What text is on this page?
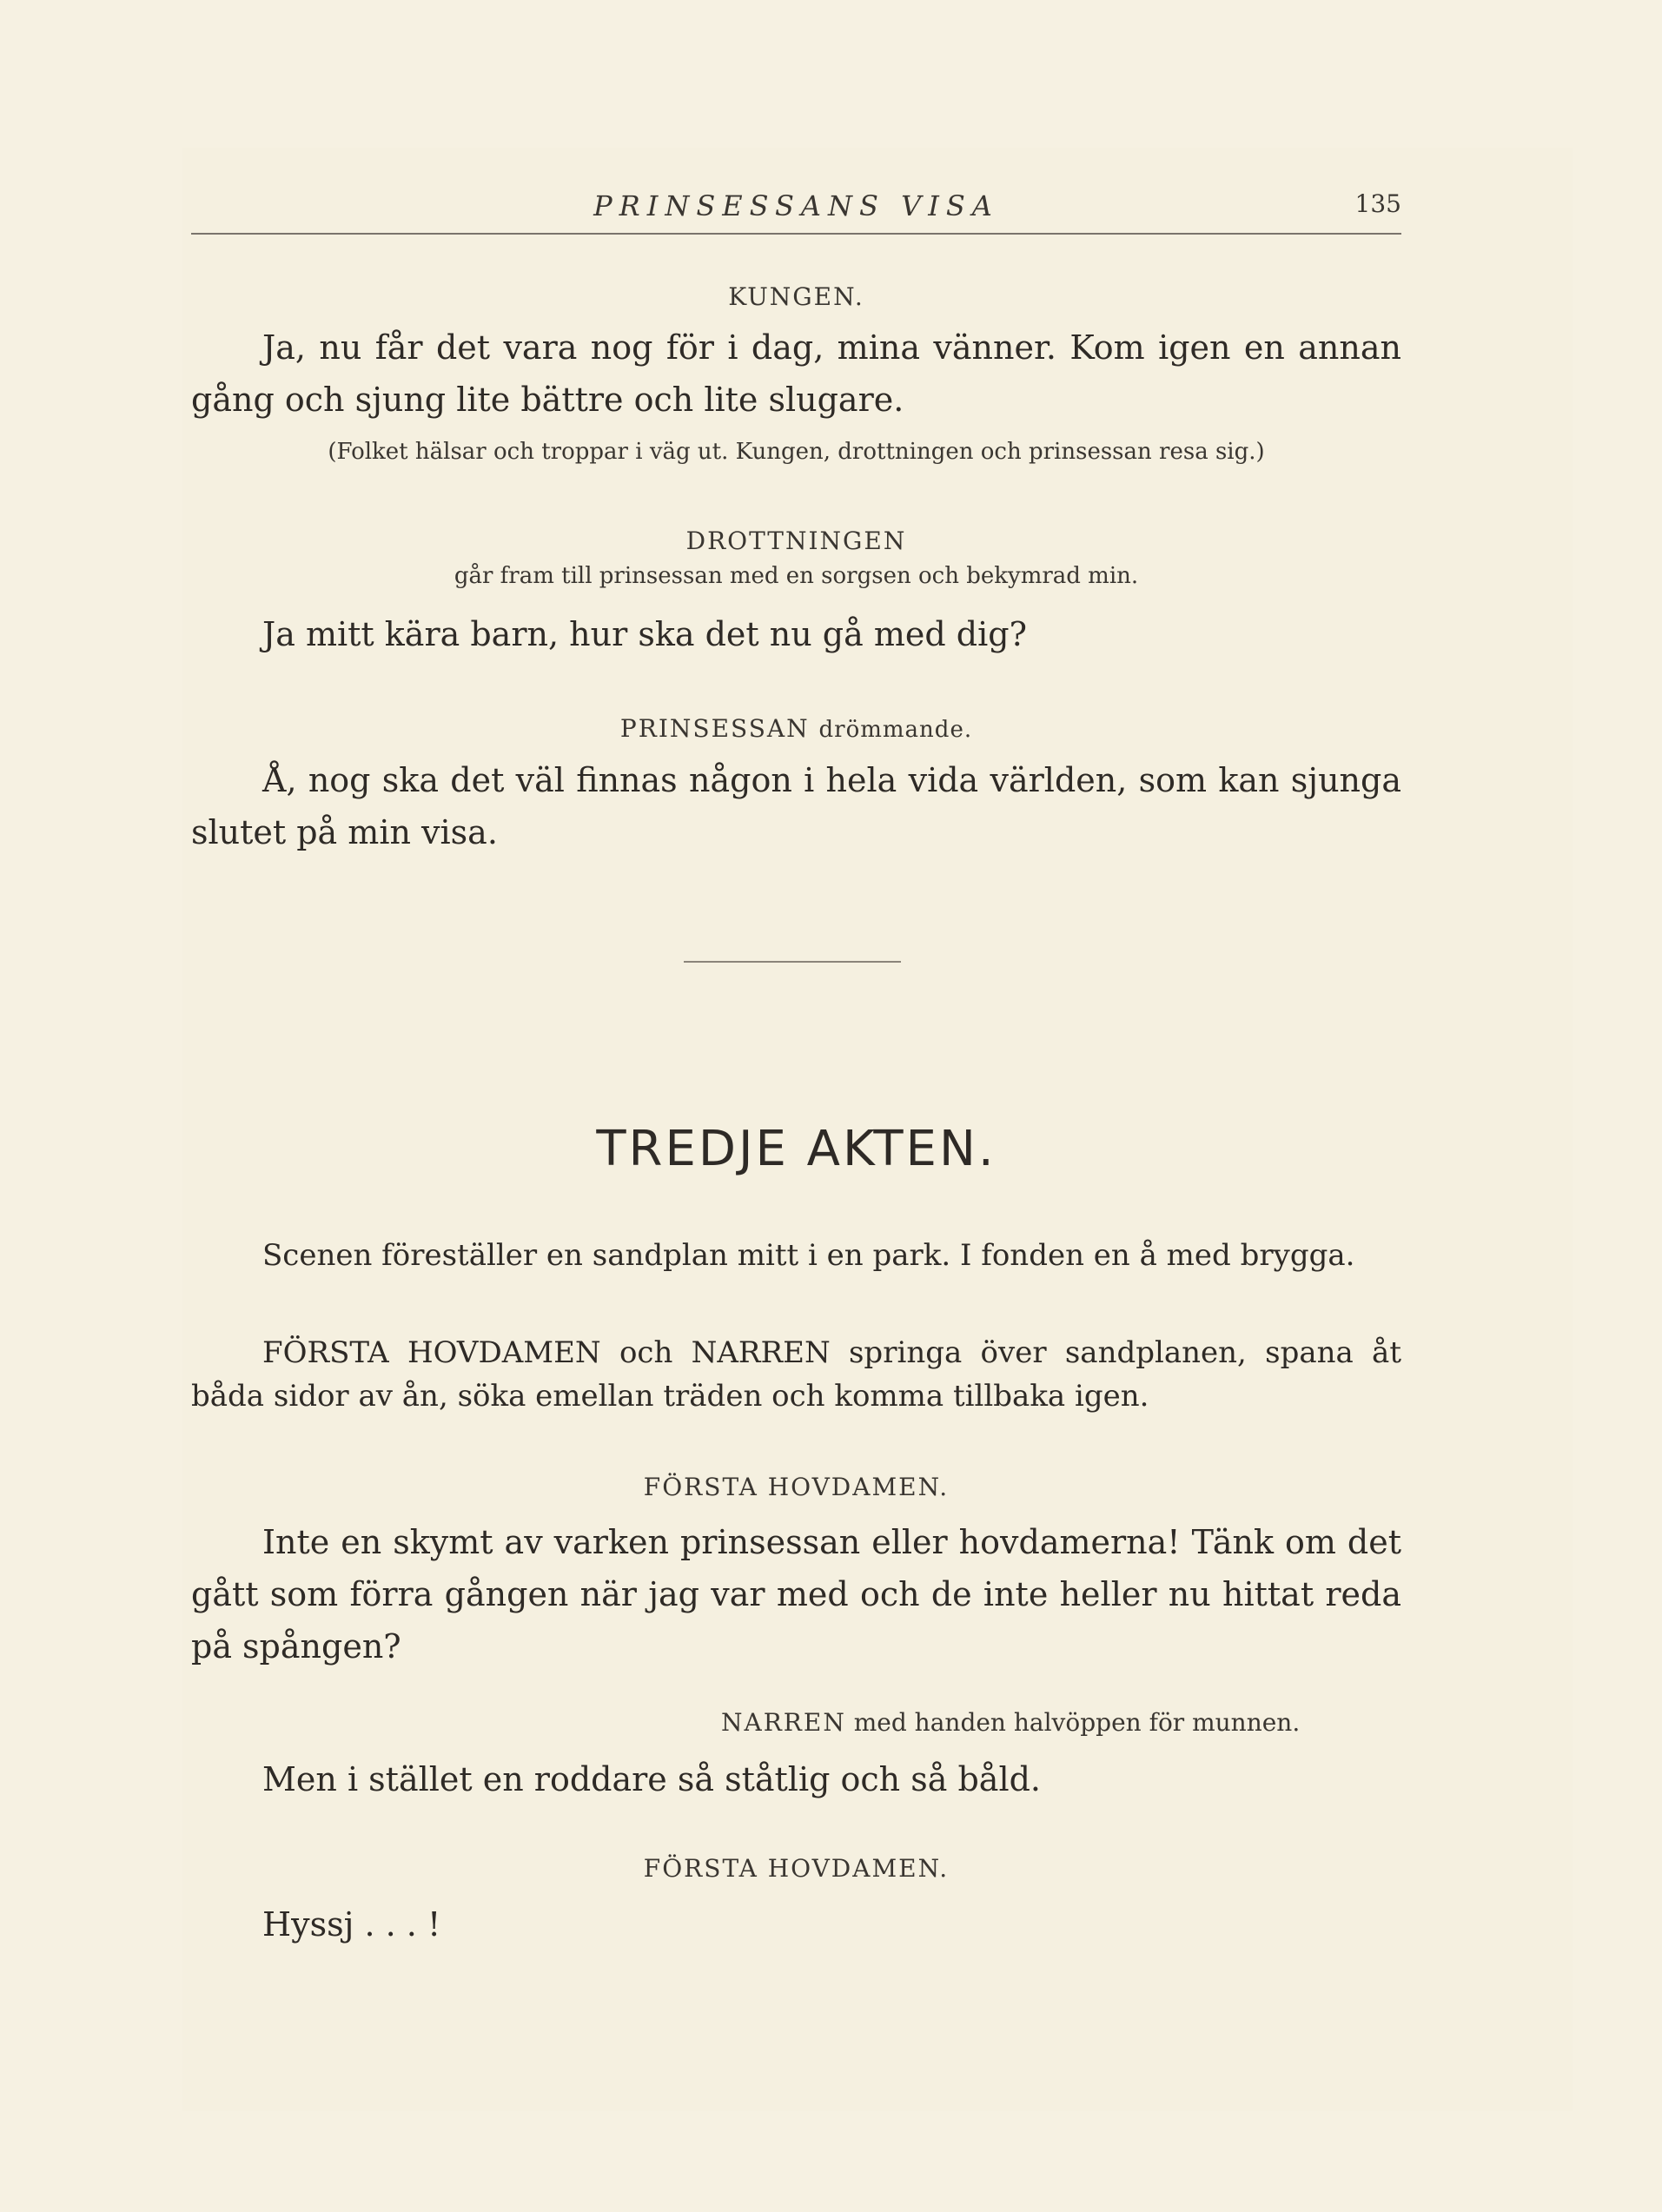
PRINSESSANS VISA	135
KUNGEN.
Ja, nu får det vara nog för i dag, mina vänner. Kom igen en annan gång och sjung lite bättre och lite slugare.
(Folket hälsar och troppar i väg ut. Kungen, drottningen och prinsessan resa sig.)
DROTTNINGEN
går fram till prinsessan med en sorgsen och bekymrad min.
Ja mitt kära barn, hur ska det nu gå med dig?
PRINSESSAN drömmande.
Å, nog ska det väl finnas någon i hela vida världen, som kan sjunga slutet på min visa.
TREDJE AKTEN.
Scenen föreställer en sandplan mitt i en park. I fonden en å med brygga.
FÖRSTA HOVDAMEN och NARREN springa över sandplanen, spana åt båda sidor av ån, söka emellan träden och komma tillbaka igen.
FÖRSTA HOVDAMEN.
Inte en skymt av varken prinsessan eller hovdamerna! Tänk om det gått som förra gången när jag var med och de inte heller nu hittat reda på spången?
NARREN med handen halvöppen för munnen.
Men i stället en roddare så ståtlig och så båld.
FÖRSTA HOVDAMEN.
Hyssj . . . !
